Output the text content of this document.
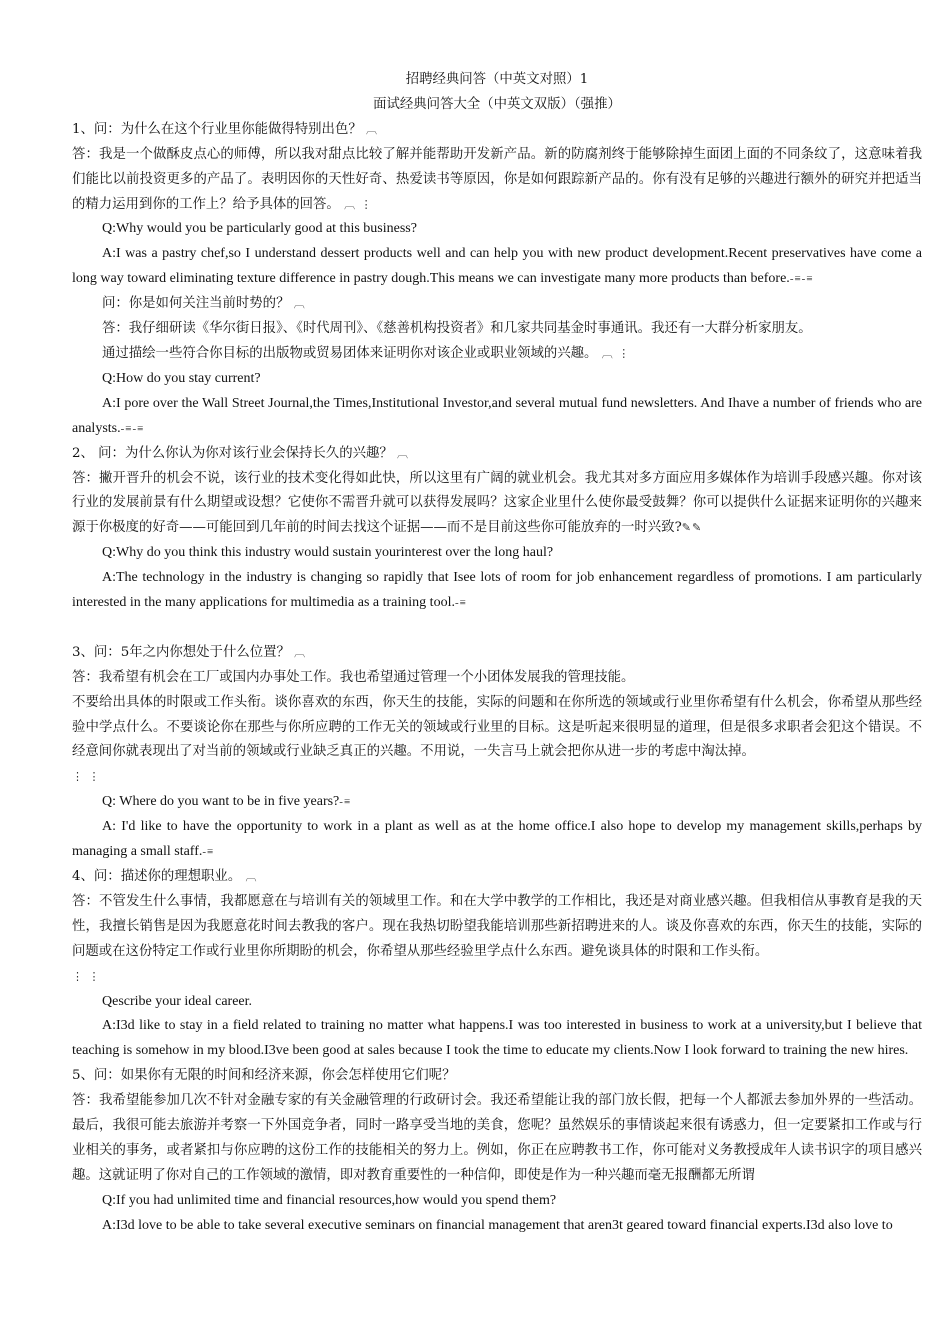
招聘经典问答（中英文对照）1

面试经典问答大全（中英文双版）（强推）

1、问：为什么在这个行业里你能做得特别出色？ ︹

答：我是一个做酥皮点心的师傅，所以我对甜点比较了解并能帮助开发新产品。新的防腐剂终于能够除掉生面团上面的不同条纹了，这意味着我们能比以前投资更多的产品了。表明因你的天性好奇、热爱读书等原因，你是如何跟踪新产品的。你有没有足够的兴趣进行额外的研究并把适当的精力运用到你的工作上？给予具体的回答。 ︹ ⋮

Q:Why would you be particularly good at this business?

A:I was a pastry chef,so I understand dessert products well and can help you with new product development.Recent preservatives have come a long way toward eliminating texture difference in pastry dough.This means we can investigate many more products than before.-≡-≡

问：你是如何关注当前时势的？ ︹

答：我仔细研读《华尔街日报》、《时代周刊》、《慈善机构投资者》和几家共同基金时事通讯。我还有一大群分析家朋友。

通过描绘一些符合你目标的出版物或贸易团体来证明你对该企业或职业领域的兴趣。 ︹ ⋮

Q:How do you stay current?

A:I pore over the Wall Street Journal,the Times,Institutional Investor,and several mutual fund newsletters. And Ihave a number of friends who are analysts.-≡-≡

2、 问：为什么你认为你对该行业会保持长久的兴趣？ ︹

答：撇开晋升的机会不说，该行业的技术变化得如此快，所以这里有广阔的就业机会。我尤其对多方面应用多媒体作为培训手段感兴趣。你对该行业的发展前景有什么期望或设想？它使你不需晋升就可以获得发展吗？这家企业里什么使你最受鼓舞？你可以提供什么证据来证明你的兴趣来源于你极度的好奇——可能回到几年前的时间去找这个证据——而不是目前这些你可能放弃的一时兴致?✎✎

Q:Why do you think this industry would sustain yourinterest over the long haul?

A:The technology in the industry is changing so rapidly that Isee lots of room for job enhancement regardless of promotions. I am particularly interested in the many applications for multimedia as a training tool.-≡

3、问：5年之内你想处于什么位置？ ︹

答：我希望有机会在工厂或国内办事处工作。我也希望通过管理一个小团体发展我的管理技能。

不要给出具体的时限或工作头衔。谈你喜欢的东西，你天生的技能，实际的问题和在你所选的领域或行业里你希望有什么机会，你希望从那些经验中学点什么。不要谈论你在那些与你所应聘的工作无关的领域或行业里的目标。这是听起来很明显的道理，但是很多求职者会犯这个错误。不经意间你就表现出了对当前的领域或行业缺乏真正的兴趣。不用说，一失言马上就会把你从进一步的考虑中淘汰掉。

⋮ ⋮

Q: Where do you want to be in five years?-≡

A: I'd like to have the opportunity to work in a plant as well as at the home office.I also hope to develop my management skills,perhaps by managing a small staff.-≡

4、问：描述你的理想职业。 ︹

答：不管发生什么事情，我都愿意在与培训有关的领域里工作。和在大学中教学的工作相比，我还是对商业感兴趣。但我相信从事教育是我的天性，我擅长销售是因为我愿意花时间去教我的客户。现在我热切盼望我能培训那些新招聘进来的人。谈及你喜欢的东西，你天生的技能，实际的问题或在这份特定工作或行业里你所期盼的机会，你希望从那些经验里学点什么东西。避免谈具体的时限和工作头衔。

⋮ ⋮

Qescribe your ideal career.

A:I3d like to stay in a field related to training no matter what happens.I was too interested in business to work at a university,but I believe that teaching is somehow in my blood.I3ve been good at sales because I took the time to educate my clients.Now I look forward to training the new hires.

5、问：如果你有无限的时间和经济来源，你会怎样使用它们呢？

答：我希望能参加几次不针对金融专家的有关金融管理的行政研讨会。我还希望能让我的部门放长假，把每一个人都派去参加外界的一些活动。最后，我很可能去旅游并考察一下外国竞争者，同时一路享受当地的美食，您呢？虽然娱乐的事情谈起来很有诱惑力，但一定要紧扣工作或与行业相关的事务，或者紧扣与你应聘的这份工作的技能相关的努力上。例如，你正在应聘教书工作，你可能对义务教授成年人读书识字的项目感兴趣。这就证明了你对自己的工作领域的激情，即对教育重要性的一种信仰，即使是作为一种兴趣而毫无报酬都无所谓

Q:If you had unlimited time and financial resources,how would you spend them?

A:I3d love to be able to take several executive seminars on financial management that aren3t geared toward financial experts.I3d also love to
